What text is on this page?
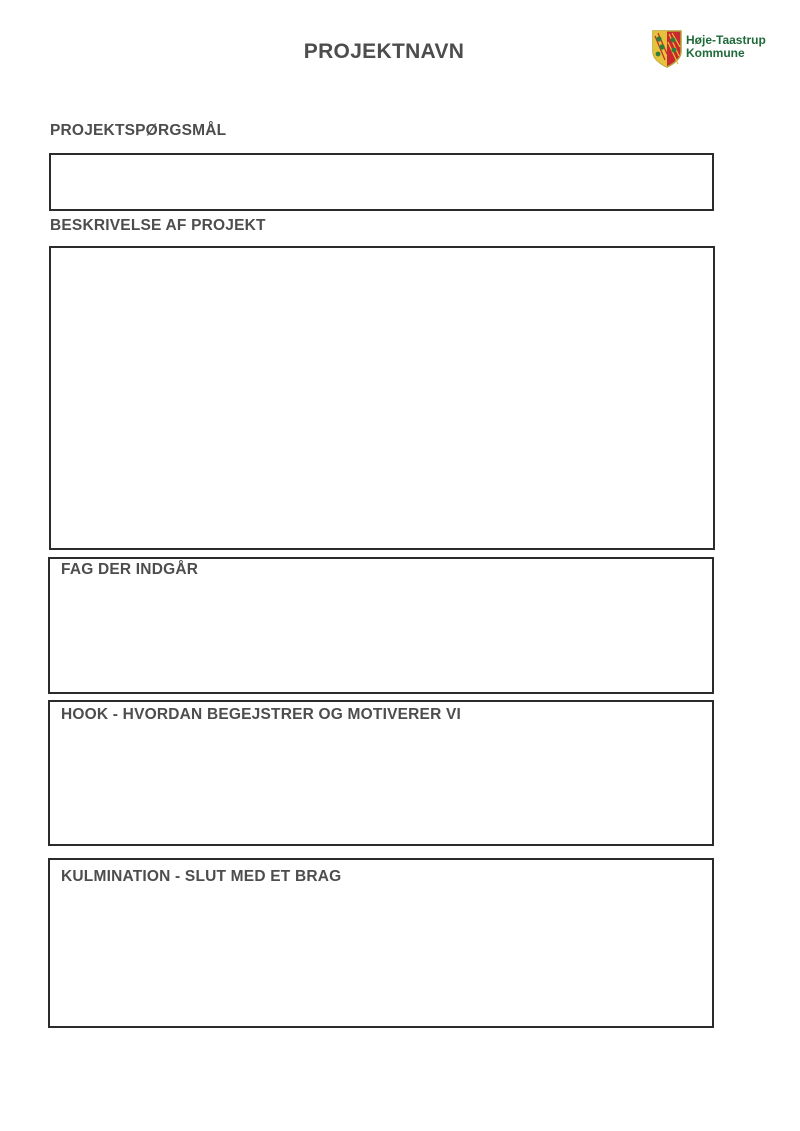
PROJEKTNAVN	Høje-Taastrup
Kommune
PROJEKTSPØRGSMÅL
BESKRIVELSE AF PROJEKT
FAG DER INDGÅR
HOOK - HVORDAN BEGEJSTRER OG MOTIVERER VI
KULMINATION - SLUT MED ET BRAG
